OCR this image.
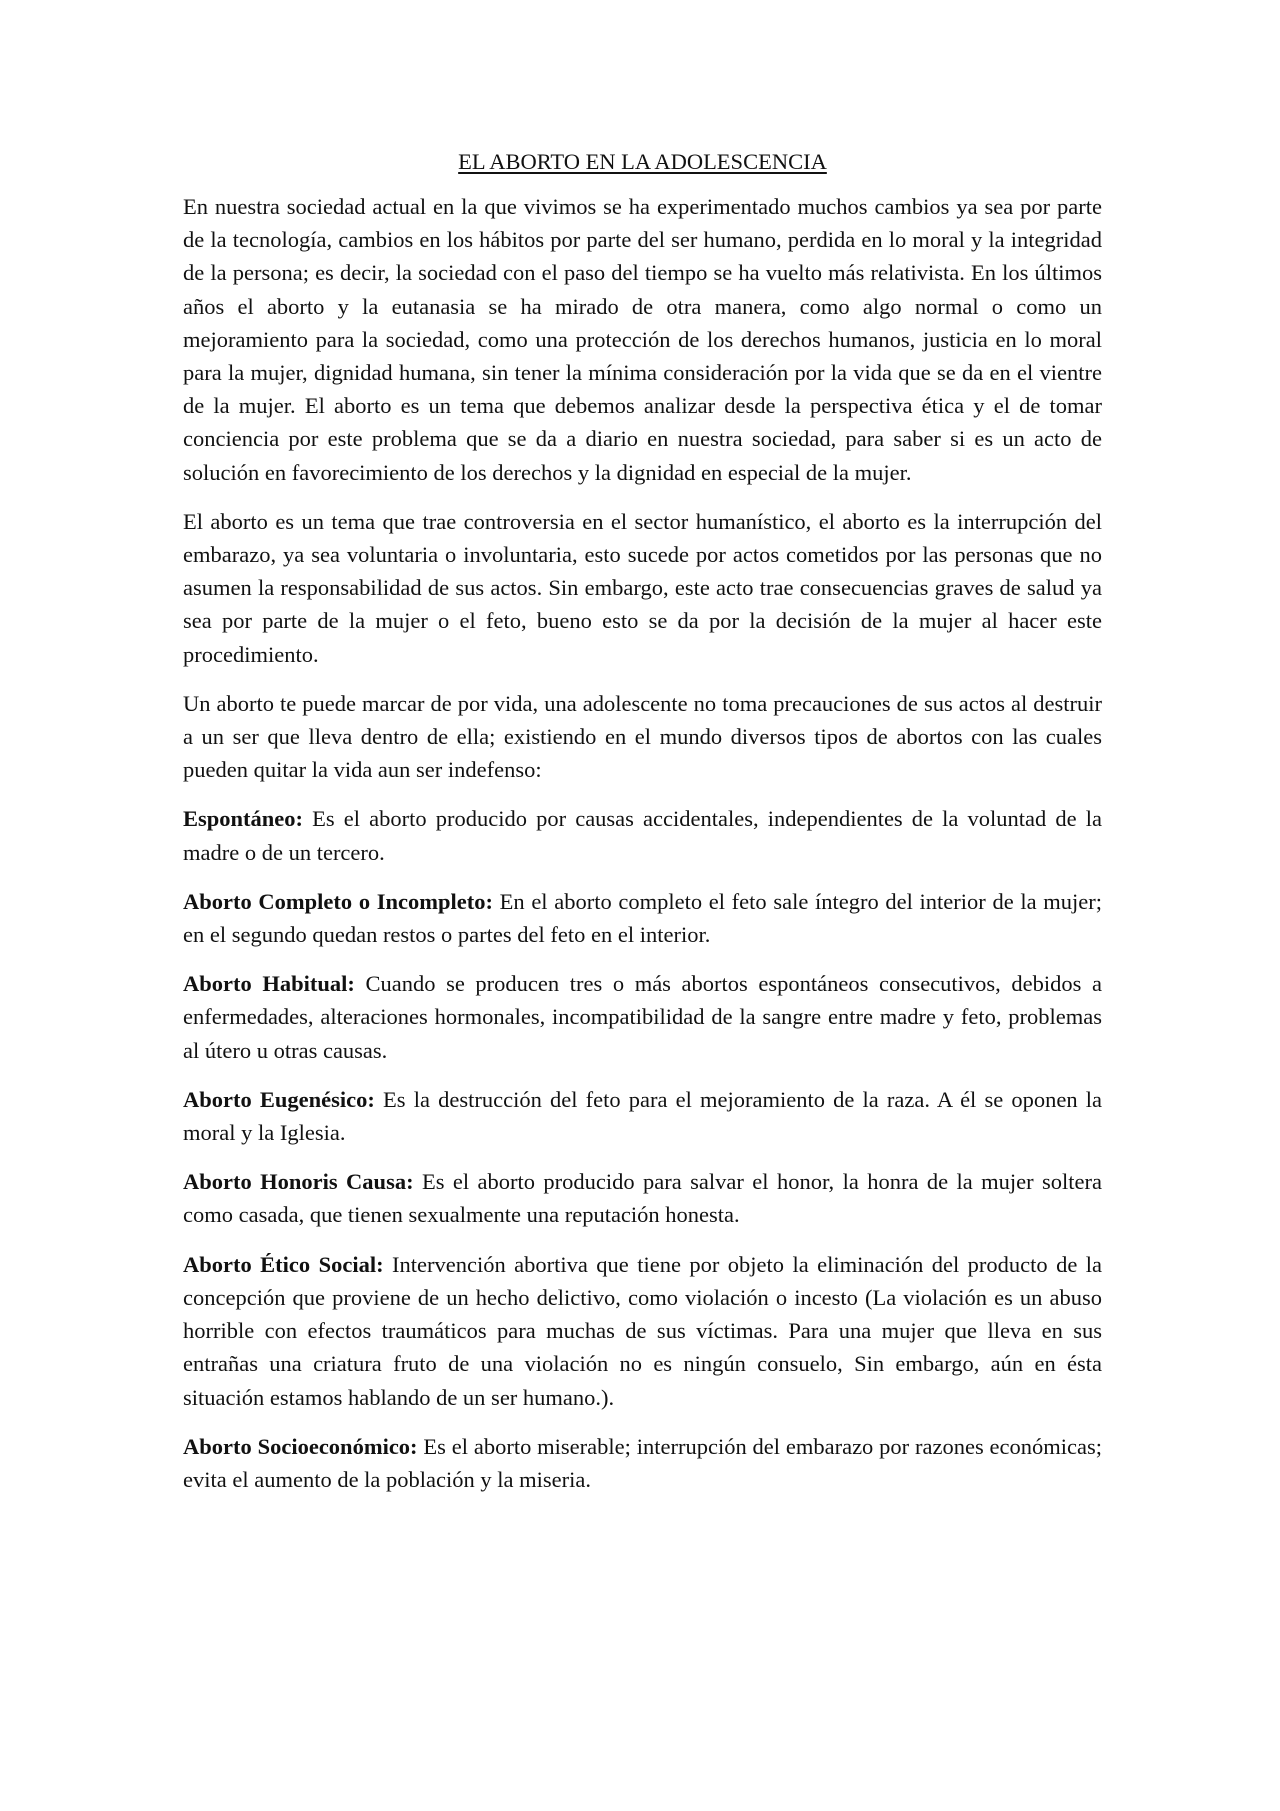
EL ABORTO EN LA ADOLESCENCIA

En nuestra sociedad actual en la que vivimos se ha experimentado muchos cambios ya sea por parte de la tecnología, cambios en los hábitos por parte del ser humano, perdida en lo moral y la integridad de la persona; es decir, la sociedad con el paso del tiempo se ha vuelto más relativista. En los últimos años el aborto y la eutanasia se ha mirado de otra manera, como algo normal o como un mejoramiento para la sociedad, como una protección de los derechos humanos, justicia en lo moral para la mujer, dignidad humana, sin tener la mínima consideración por la vida que se da en el vientre de la mujer. El aborto es un tema que debemos analizar desde la perspectiva ética y el de tomar conciencia por este problema que se da a diario en nuestra sociedad, para saber si es un acto de solución en favorecimiento de los derechos y la dignidad en especial de la mujer.

El aborto es un tema que trae controversia en el sector humanístico, el aborto es la interrupción del embarazo, ya sea voluntaria o involuntaria, esto sucede por actos cometidos por las personas que no asumen la responsabilidad de sus actos. Sin embargo, este acto trae consecuencias graves de salud ya sea por parte de la mujer o el feto, bueno esto se da por la decisión de la mujer al hacer este procedimiento.

Un aborto te puede marcar de por vida, una adolescente no toma precauciones de sus actos al destruir a un ser que lleva dentro de ella; existiendo en el mundo diversos tipos de abortos con las cuales pueden quitar la vida aun ser indefenso:

Espontáneo: Es el aborto producido por causas accidentales, independientes de la voluntad de la madre o de un tercero.

Aborto Completo o Incompleto: En el aborto completo el feto sale íntegro del interior de la mujer; en el segundo quedan restos o partes del feto en el interior.

Aborto Habitual: Cuando se producen tres o más abortos espontáneos consecutivos, debidos a enfermedades, alteraciones hormonales, incompatibilidad de la sangre entre madre y feto, problemas al útero u otras causas.

Aborto Eugenésico: Es la destrucción del feto para el mejoramiento de la raza. A él se oponen la moral y la Iglesia.

Aborto Honoris Causa: Es el aborto producido para salvar el honor, la honra de la mujer soltera como casada, que tienen sexualmente una reputación honesta.

Aborto Ético Social: Intervención abortiva que tiene por objeto la eliminación del producto de la concepción que proviene de un hecho delictivo, como violación o incesto (La violación es un abuso horrible con efectos traumáticos para muchas de sus víctimas. Para una mujer que lleva en sus entrañas una criatura fruto de una violación no es ningún consuelo, Sin embargo, aún en ésta situación estamos hablando de un ser humano.).

Aborto Socioeconómico: Es el aborto miserable; interrupción del embarazo por razones económicas; evita el aumento de la población y la miseria.
